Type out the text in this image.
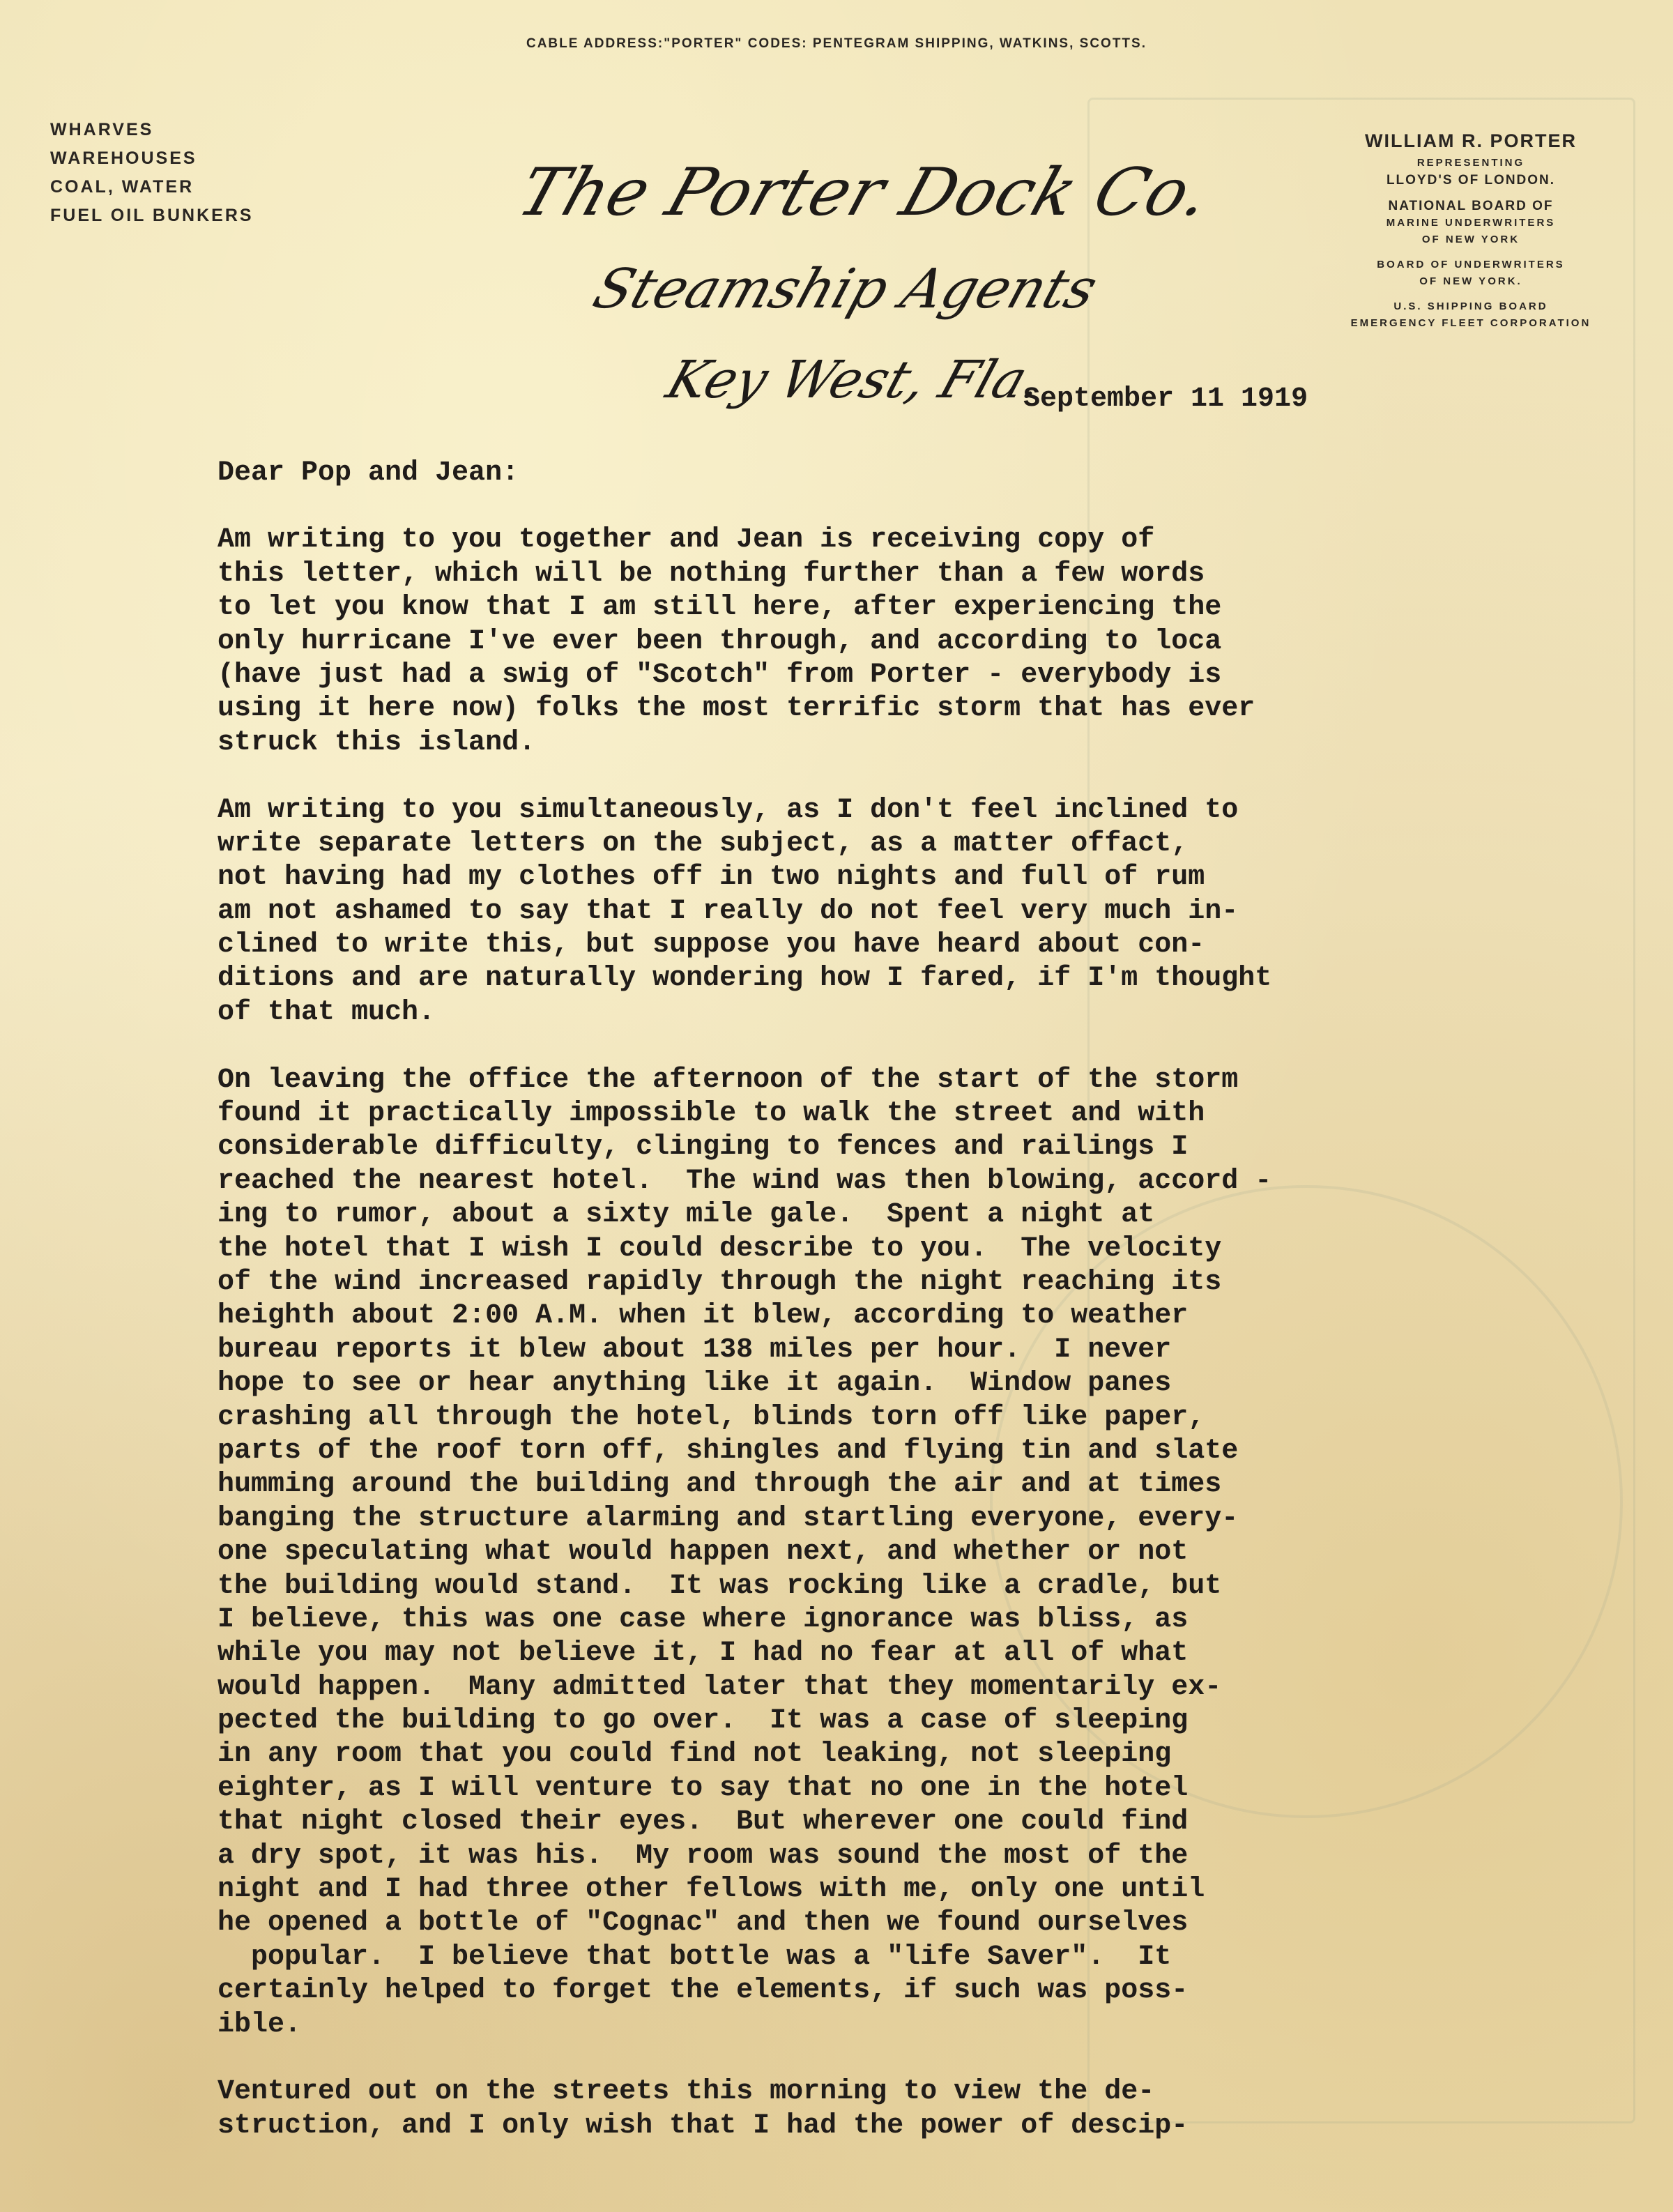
CABLE ADDRESS:"PORTER" CODES: PENTEGRAM SHIPPING, WATKINS, SCOTTS.
WHARVES
WAREHOUSES
COAL, WATER
FUEL OIL BUNKERS	The Porter Dock Co.
Steamship Agents
Key West, Fla.
WILLIAM R. PORTER
REPRESENTING
LLOYD'S OF LONDON.
NATIONAL BOARD OF
MARINE UNDERWRITERS
OF NEW YORK
BOARD OF UNDERWRITERS
OF NEW YORK.
U.S. SHIPPING BOARD
EMERGENCY FLEET CORPORATION
September 11 1919
Dear Pop and Jean:
Am writing to you together and Jean is receiving copy of
this letter, which will be nothing further than a few words
to let you know that I am still here, after experiencing the
only hurricane I've ever been through, and according to loca
(have just had a swig of "Scotch" from Porter - everybody is
using it here now) folks the most terrific storm that has ever
struck this island.
Am writing to you simultaneously, as I don't feel inclined to
write separate letters on the subject, as a matter offact,
not having had my clothes off in two nights and full of rum
am not ashamed to say that I really do not feel very much in-
clined to write this, but suppose you have heard about con-
ditions and are naturally wondering how I fared, if I'm thought
of that much.
On leaving the office the afternoon of the start of the storm
found it practically impossible to walk the street and with
considerable difficulty, clinging to fences and railings I
reached the nearest hotel.  The wind was then blowing, accord -
ing to rumor, about a sixty mile gale.  Spent a night at
the hotel that I wish I could describe to you.  The velocity
of the wind increased rapidly through the night reaching its
heighth about 2:00 A.M. when it blew, according to weather
bureau reports it blew about 138 miles per hour.  I never
hope to see or hear anything like it again.  Window panes
crashing all through the hotel, blinds torn off like paper,
parts of the roof torn off, shingles and flying tin and slate
humming around the building and through the air and at times
banging the structure alarming and startling everyone, every-
one speculating what would happen next, and whether or not
the building would stand.  It was rocking like a cradle, but
I believe, this was one case where ignorance was bliss, as
while you may not believe it, I had no fear at all of what
would happen.  Many admitted later that they momentarily ex-
pected the building to go over.  It was a case of sleeping
in any room that you could find not leaking, not sleeping
eighter, as I will venture to say that no one in the hotel
that night closed their eyes.  But wherever one could find
a dry spot, it was his.  My room was sound the most of the
night and I had three other fellows with me, only one until
he opened a bottle of "Cognac" and then we found ourselves
popular.  I believe that bottle was a "life Saver".  It
certainly helped to forget the elements, if such was poss-
ible.
Ventured out on the streets this morning to view the de-
struction, and I only wish that I had the power of descip-
